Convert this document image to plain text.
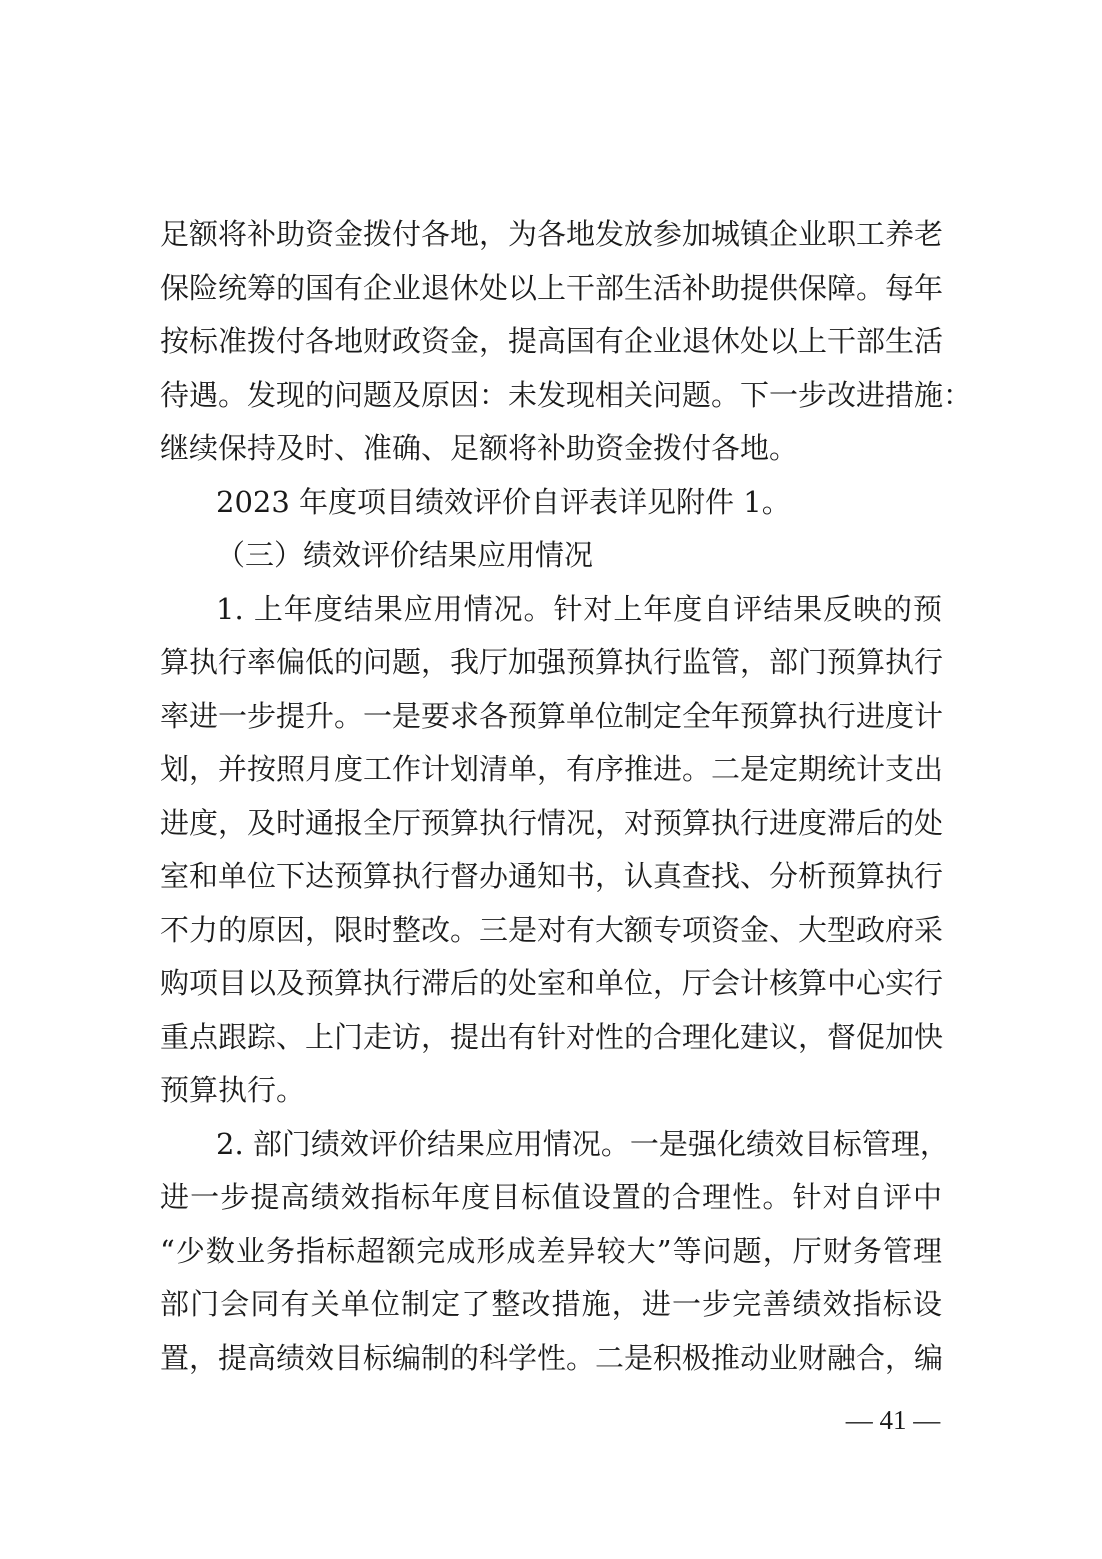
足额将补助资金拨付各地，为各地发放参加城镇企业职工养老
保险统筹的国有企业退休处以上干部生活补助提供保障。每年
按标准拨付各地财政资金，提高国有企业退休处以上干部生活
待遇。发现的问题及原因：未发现相关问题。下一步改进措施：
继续保持及时、准确、足额将补助资金拨付各地。
2023 年度项目绩效评价自评表详见附件 1。
（三）绩效评价结果应用情况
1. 上年度结果应用情况。针对上年度自评结果反映的预
算执行率偏低的问题，我厅加强预算执行监管，部门预算执行
率进一步提升。一是要求各预算单位制定全年预算执行进度计
划，并按照月度工作计划清单，有序推进。二是定期统计支出
进度，及时通报全厅预算执行情况，对预算执行进度滞后的处
室和单位下达预算执行督办通知书，认真查找、分析预算执行
不力的原因，限时整改。三是对有大额专项资金、大型政府采
购项目以及预算执行滞后的处室和单位，厅会计核算中心实行
重点跟踪、上门走访，提出有针对性的合理化建议，督促加快
预算执行。
2. 部门绩效评价结果应用情况。一是强化绩效目标管理，
进一步提高绩效指标年度目标值设置的合理性。针对自评中
“少数业务指标超额完成形成差异较大”等问题，厅财务管理
部门会同有关单位制定了整改措施，进一步完善绩效指标设
置，提高绩效目标编制的科学性。二是积极推动业财融合，编
— 41 —
